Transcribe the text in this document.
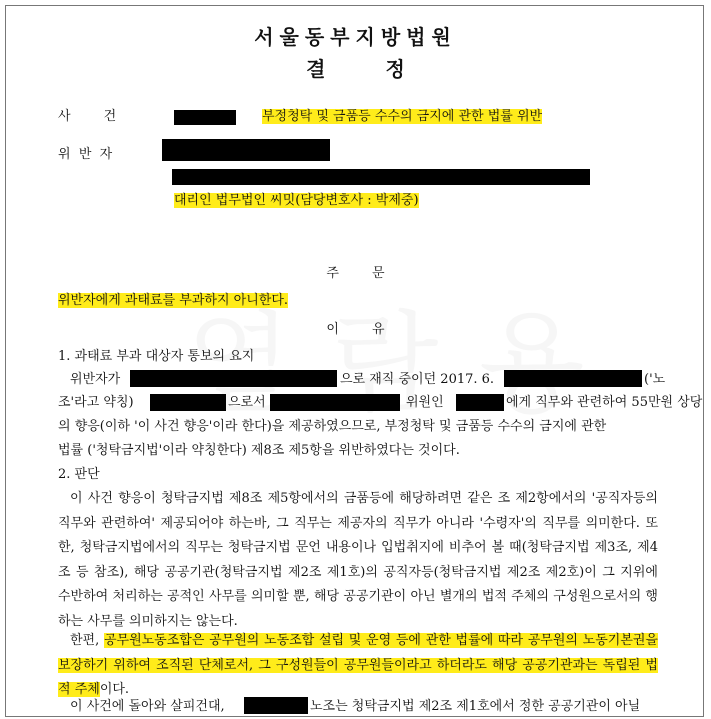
서울동부지방법원
결	정
사        건	부정청탁 및 금품등 수수의 금지에 관한 법률 위반
위  반  자
대리인 법무법인 씨밋(담당변호사 : 박제중)
주        문
위반자에게 과태료를 부과하지 아니한다.
이        유
1. 과태료 부과 대상자 통보의 요지
위반자가	으로 재직 중이던 2017. 6.	('노
조'라고 약칭)	으로서	위원인	에게 직무와 관련하여 55만원 상당
의 향응(이하 '이 사건 향응'이라 한다)을 제공하였으므로, 부정청탁 및 금품등 수수의 금지에 관한
법률 ('청탁금지법'이라 약칭한다) 제8조 제5항을 위반하였다는 것이다.
2. 판단
이 사건 향응이 청탁금지법 제8조 제5항에서의 금품등에 해당하려면 같은 조 제2항에서의 '공직자등의 직무와 관련하여' 제공되어야 하는바, 그 직무는 제공자의 직무가 아니라 '수령자'의 직무를 의미한다. 또한, 청탁금지법에서의 직무는 청탁금지법 문언 내용이나 입법취지에 비추어 볼 때(청탁금지법 제3조, 제4조 등 참조), 해당 공공기관(청탁금지법 제2조 제1호)의 공직자등(청탁금지법 제2조 제2호)이 그 지위에 수반하여 처리하는 공적인 사무를 의미할 뿐, 해당 공공기관이 아닌 별개의 법적 주체의 구성원으로서의 행하는 사무를 의미하지는 않는다.
한편, 공무원노동조합은 공무원의 노동조합 설립 및 운영 등에 관한 법률에 따라 공무원의 노동기본권을 보장하기 위하여 조직된 단체로서, 그 구성원들이 공무원들이라고 하더라도 해당 공공기관과는 독립된 법적 주체이다.
이 사건에 돌아와 살피건대,	노조는 청탁금지법 제2조 제1호에서 정한 공공기관이 아닐
